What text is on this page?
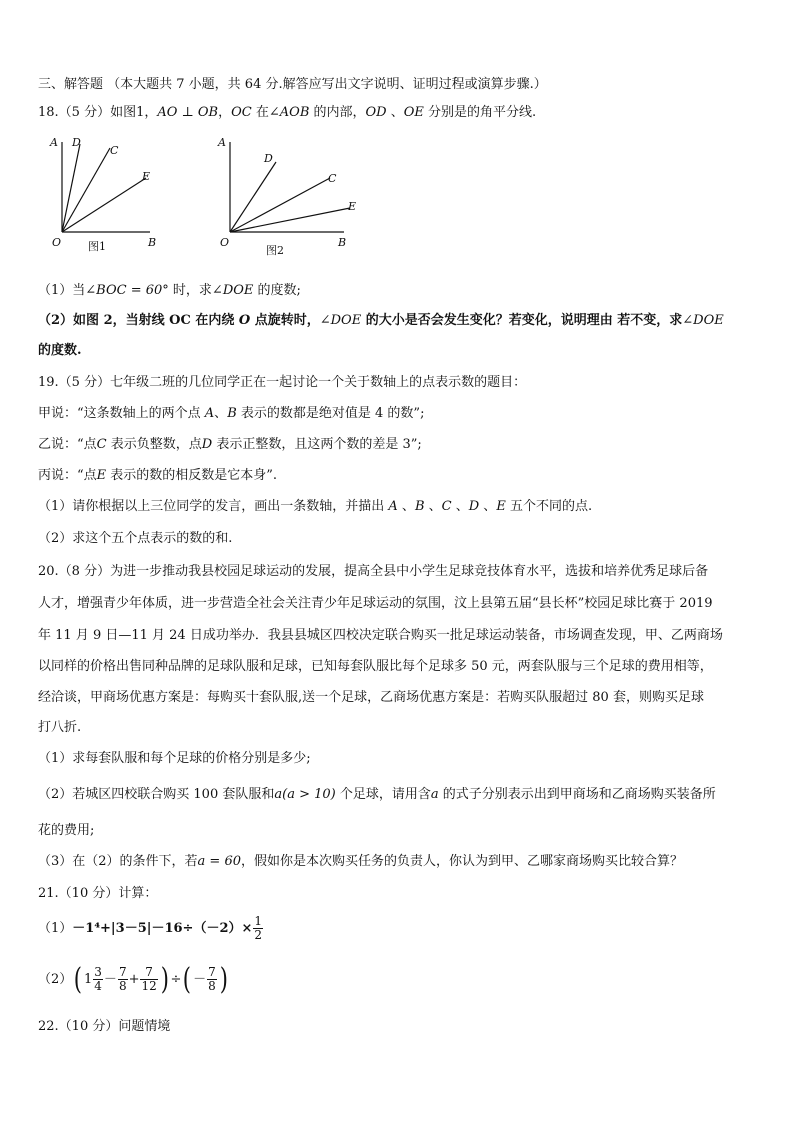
三、解答题 （本大题共 7 小题，共 64 分.解答应写出文字说明、证明过程或演算步骤.）
18.（5 分）如图1，AO ⊥ OB，OC 在∠AOB 的内部，OD 、OE 分别是的角平分线.
A D
C
E
O	B
图1
A
D
C
E
O	B
图2
（1）当∠BOC = 60° 时，求∠DOE 的度数;
（2）如图 2，当射线 OC 在内绕 O 点旋转时，∠DOE 的大小是否会发生变化？若变化，说明理由 若不变，求∠DOE
的度数.
19.（5 分）七年级二班的几位同学正在一起讨论一个关于数轴上的点表示数的题目：
甲说：“这条数轴上的两个点 A、B 表示的数都是绝对值是 4 的数”;
乙说：“点C 表示负整数，点D 表示正整数，且这两个数的差是 3”;
丙说：“点E 表示的数的相反数是它本身”.
（1）请你根据以上三位同学的发言，画出一条数轴，并描出 A 、B 、C 、D 、E 五个不同的点.
（2）求这个五个点表示的数的和.
20.（8 分）为进一步推动我县校园足球运动的发展，提高全县中小学生足球竞技体育水平，选拔和培养优秀足球后备
人才，增强青少年体质，进一步营造全社会关注青少年足球运动的氛围，汶上县第五届“县长杯”校园足球比赛于 2019
年 11 月 9 日—11 月 24 日成功举办．我县县城区四校决定联合购买一批足球运动装备，市场调查发现，甲、乙两商场
以同样的价格出售同种品牌的足球队服和足球，已知每套队服比每个足球多 50 元，两套队服与三个足球的费用相等，
经洽谈，甲商场优惠方案是：每购买十套队服,送一个足球，乙商场优惠方案是：若购买队服超过 80 套，则购买足球
打八折.
（1）求每套队服和每个足球的价格分别是多少;
（2）若城区四校联合购买 100 套队服和a(a > 10) 个足球，请用含a 的式子分别表示出到甲商场和乙商场购买装备所
花的费用;
（3）在（2）的条件下，若a = 60，假如你是本次购买任务的负责人，你认为到甲、乙哪家商场购买比较合算？
21.（10 分）计算：
$(1)-1^4+|3-5|-16\div(-2)\times \frac{1}{2}$
（2）( $1 \frac{3}{4} - \frac{7}{8} + \frac{7}{12}$ ) ÷( － $\frac{7}{8}$ )
22.（10 分）问题情境
